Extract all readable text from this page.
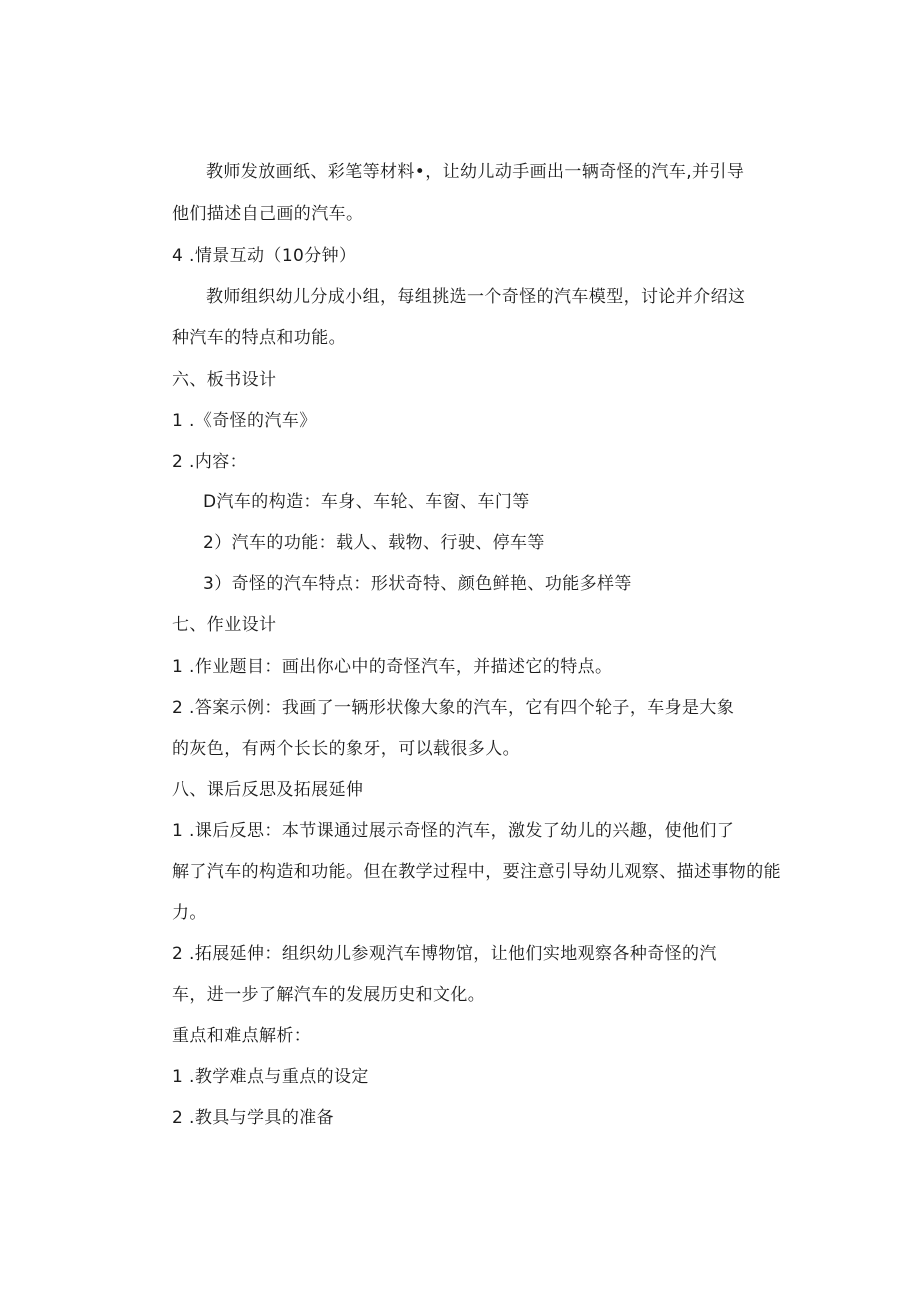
教师发放画纸、彩笔等材料•，让幼儿动手画出一辆奇怪的汽车,并引导
他们描述自己画的汽车。
4 .情景互动（10分钟）
教师组织幼儿分成小组，每组挑选一个奇怪的汽车模型，讨论并介绍这
种汽车的特点和功能。
六、板书设计
1 .《奇怪的汽车》
2 .内容：
D汽车的构造：车身、车轮、车窗、车门等
2）汽车的功能：载人、载物、行驶、停车等
3）奇怪的汽车特点：形状奇特、颜色鲜艳、功能多样等
七、作业设计
1 .作业题目：画出你心中的奇怪汽车，并描述它的特点。
2 .答案示例：我画了一辆形状像大象的汽车，它有四个轮子，车身是大象
的灰色，有两个长长的象牙，可以载很多人。
八、课后反思及拓展延伸
1 .课后反思：本节课通过展示奇怪的汽车，激发了幼儿的兴趣，使他们了
解了汽车的构造和功能。但在教学过程中，要注意引导幼儿观察、描述事物的能
力。
2 .拓展延伸：组织幼儿参观汽车博物馆，让他们实地观察各种奇怪的汽
车，进一步了解汽车的发展历史和文化。
重点和难点解析：
1 .教学难点与重点的设定
2 .教具与学具的准备
